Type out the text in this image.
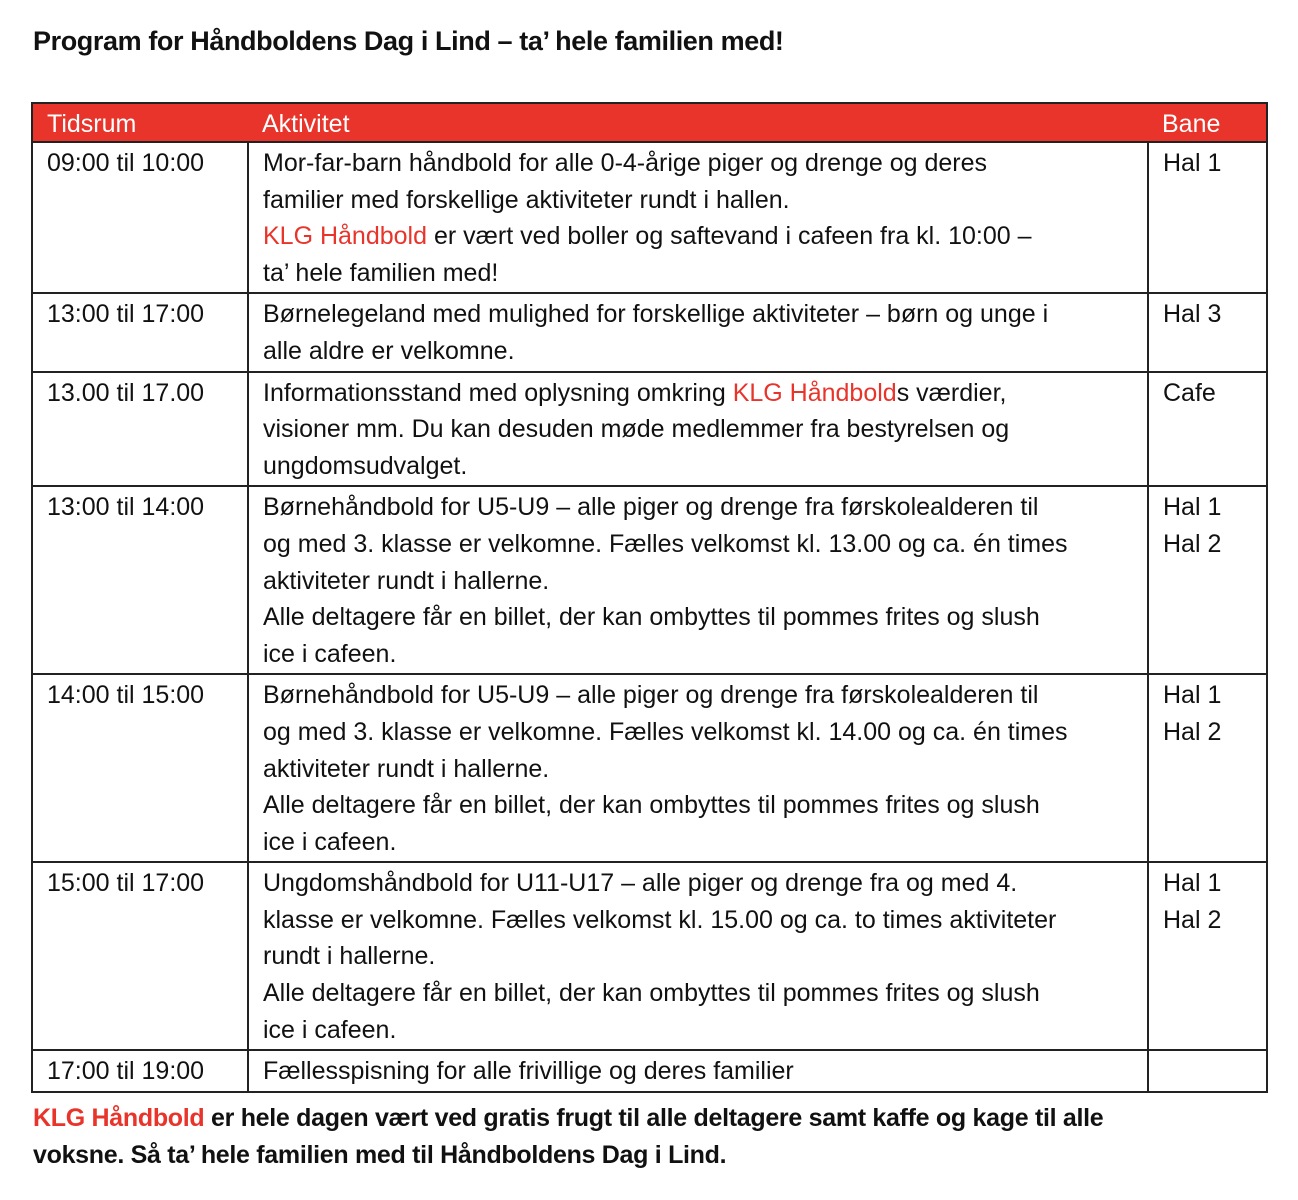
Program for Håndboldens Dag i Lind – ta’ hele familien med!
Tidsrum	Aktivitet	Bane
09:00 til 10:00	Mor-far-barn håndbold for alle 0-4-årige piger og drenge og deres
familier med forskellige aktiviteter rundt i hallen.
KLG Håndbold er vært ved boller og saftevand i cafeen fra kl. 10:00 –
ta’ hele familien med!	Hal 1

13:00 til 17:00	Børnelegeland med mulighed for forskellige aktiviteter – børn og unge i
alle aldre er velkomne.	Hal 3

13.00 til 17.00	Informationsstand med oplysning omkring KLG Håndbolds værdier,
visioner mm. Du kan desuden møde medlemmer fra bestyrelsen og
ungdomsudvalget.	Cafe

13:00 til 14:00	Børnehåndbold for U5-U9 – alle piger og drenge fra førskolealderen til
og med 3. klasse er velkomne. Fælles velkomst kl. 13.00 og ca. én times
aktiviteter rundt i hallerne.
Alle deltagere får en billet, der kan ombyttes til pommes frites og slush
ice i cafeen.	Hal 1
Hal 2

14:00 til 15:00	Børnehåndbold for U5-U9 – alle piger og drenge fra førskolealderen til
og med 3. klasse er velkomne. Fælles velkomst kl. 14.00 og ca. én times
aktiviteter rundt i hallerne.
Alle deltagere får en billet, der kan ombyttes til pommes frites og slush
ice i cafeen.	Hal 1
Hal 2

15:00 til 17:00	Ungdomshåndbold for U11-U17 – alle piger og drenge fra og med 4.
klasse er velkomne. Fælles velkomst kl. 15.00 og ca. to times aktiviteter
rundt i hallerne.
Alle deltagere får en billet, der kan ombyttes til pommes frites og slush
ice i cafeen.	Hal 1
Hal 2

17:00 til 19:00	Fællesspisning for alle frivillige og deres familier	

KLG Håndbold er hele dagen vært ved gratis frugt til alle deltagere samt kaffe og kage til alle
voksne. Så ta’ hele familien med til Håndboldens Dag i Lind.
